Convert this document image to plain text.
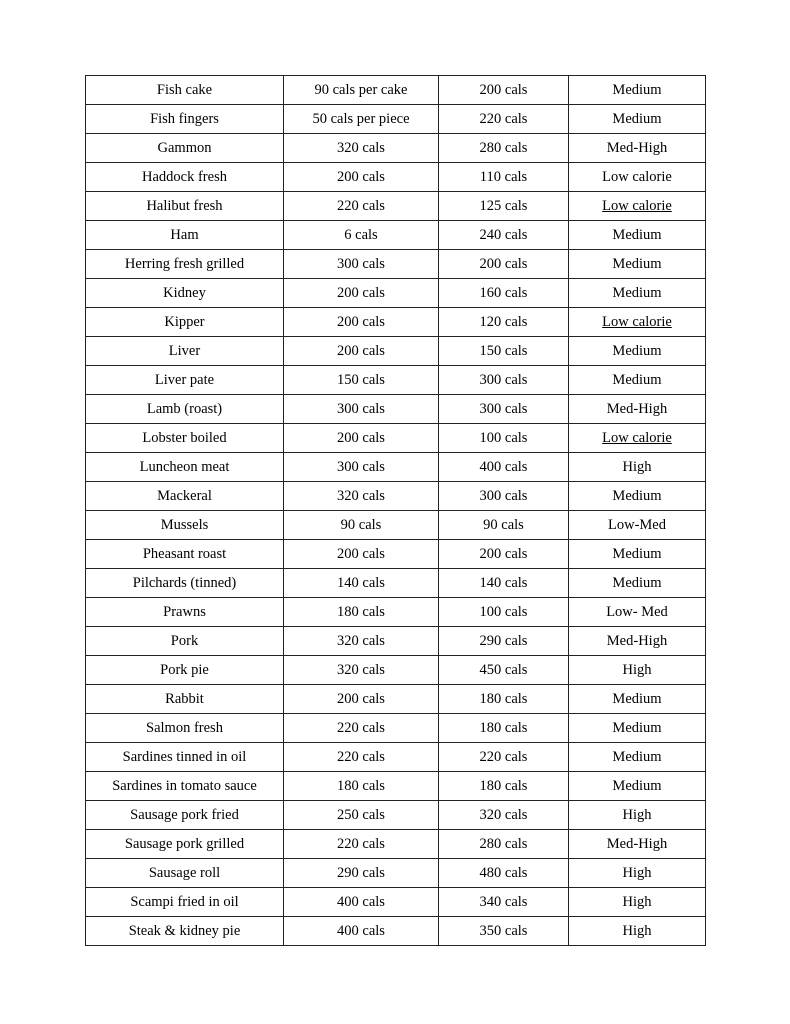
Fish cake	90 cals per cake	200 cals	Medium
Fish fingers	50 cals per piece	220 cals	Medium
Gammon	320 cals	280 cals	Med-High
Haddock fresh	200 cals	110 cals	Low calorie
Halibut fresh	220 cals	125 cals	Low calorie
Ham	6 cals	240 cals	Medium
Herring fresh grilled	300 cals	200 cals	Medium
Kidney	200 cals	160 cals	Medium
Kipper	200 cals	120 cals	Low calorie
Liver	200 cals	150 cals	Medium
Liver pate	150 cals	300 cals	Medium
Lamb (roast)	300 cals	300 cals	Med-High
Lobster boiled	200 cals	100 cals	Low calorie
Luncheon meat	300 cals	400 cals	High
Mackeral	320 cals	300 cals	Medium
Mussels	90 cals	90 cals	Low-Med
Pheasant roast	200 cals	200 cals	Medium
Pilchards (tinned)	140 cals	140 cals	Medium
Prawns	180 cals	100 cals	Low- Med
Pork	320 cals	290 cals	Med-High
Pork pie	320 cals	450 cals	High
Rabbit	200 cals	180 cals	Medium
Salmon fresh	220 cals	180 cals	Medium
Sardines tinned in oil	220 cals	220 cals	Medium
Sardines in tomato sauce	180 cals	180 cals	Medium
Sausage pork fried	250 cals	320 cals	High
Sausage pork grilled	220 cals	280 cals	Med-High
Sausage roll	290 cals	480 cals	High
Scampi fried in oil	400 cals	340 cals	High
Steak & kidney pie	400 cals	350 cals	High
